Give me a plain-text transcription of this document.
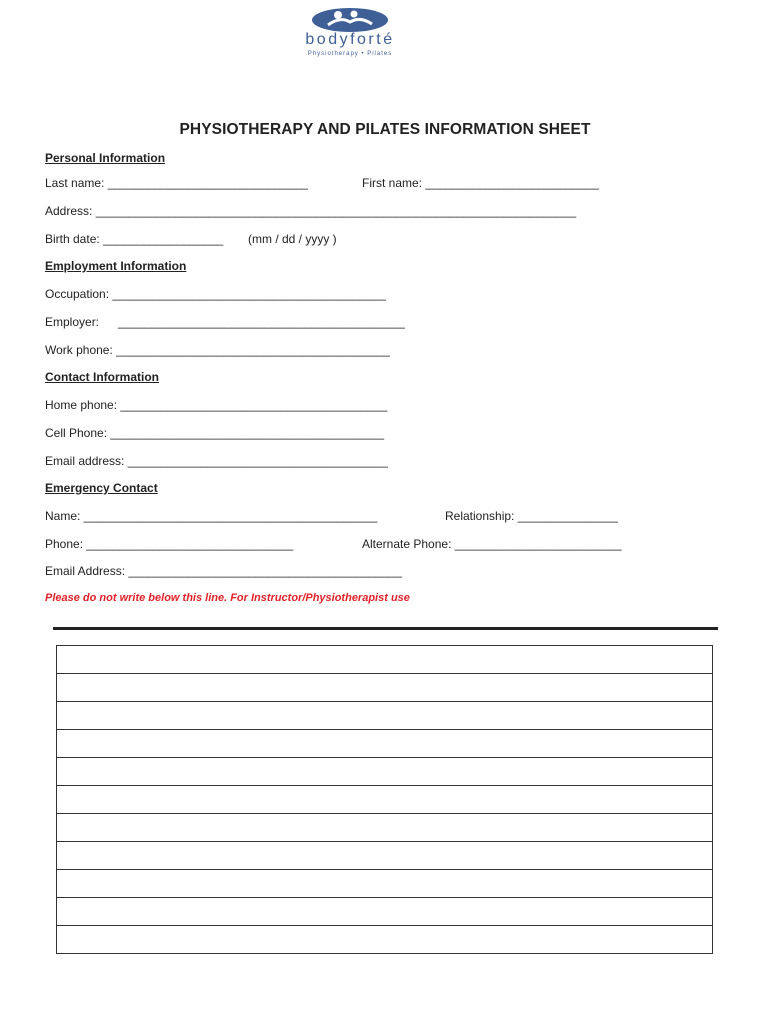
bodyforté
Physiotherapy • Pilates
PHYSIOTHERAPY AND PILATES INFORMATION SHEET
Personal Information
Last name: ______________________________	First name: __________________________
Address: ________________________________________________________________________
Birth date: __________________ (mm / dd / yyyy )
Employment Information
Occupation: _________________________________________
Employer: ___________________________________________
Work phone: _________________________________________
Contact Information
Home phone: ________________________________________
Cell Phone: _________________________________________
Email address: _______________________________________
Emergency Contact
Name: ____________________________________________	Relationship: _______________
Phone: _______________________________	Alternate Phone: _________________________
Email Address: _________________________________________
Please do not write below this line. For Instructor/Physiotherapist use
